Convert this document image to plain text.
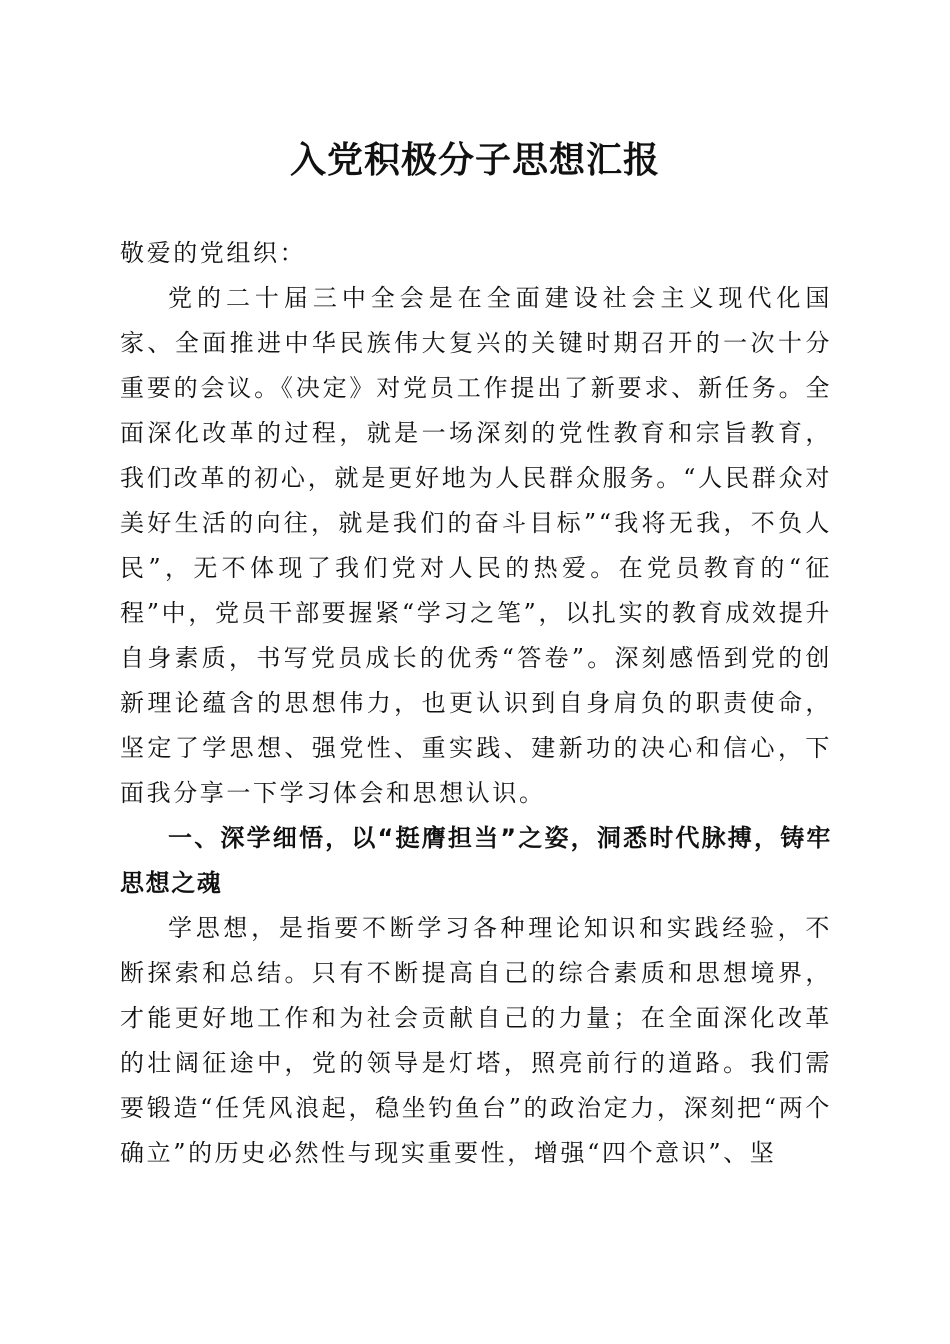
入党积极分子思想汇报

敬爱的党组织：

党的二十届三中全会是在全面建设社会主义现代化国家、全面推进中华民族伟大复兴的关键时期召开的一次十分重要的会议。《决定》对党员工作提出了新要求、新任务。全面深化改革的过程，就是一场深刻的党性教育和宗旨教育，我们改革的初心，就是更好地为人民群众服务。“人民群众对美好生活的向往，就是我们的奋斗目标”“我将无我，不负人民”，无不体现了我们党对人民的热爱。在党员教育的“征程”中，党员干部要握紧“学习之笔”，以扎实的教育成效提升自身素质，书写党员成长的优秀“答卷”。深刻感悟到党的创新理论蕴含的思想伟力，也更认识到自身肩负的职责使命，坚定了学思想、强党性、重实践、建新功的决心和信心，下面我分享一下学习体会和思想认识。

一、深学细悟，以“挺膺担当”之姿，洞悉时代脉搏，铸牢思想之魂

学思想，是指要不断学习各种理论知识和实践经验，不断探索和总结。只有不断提高自己的综合素质和思想境界，才能更好地工作和为社会贡献自己的力量；在全面深化改革的壮阔征途中，党的领导是灯塔，照亮前行的道路。我们需要锻造“任凭风浪起，稳坐钓鱼台”的政治定力，深刻把“两个确立”的历史必然性与现实重要性，增强“四个意识”、坚
